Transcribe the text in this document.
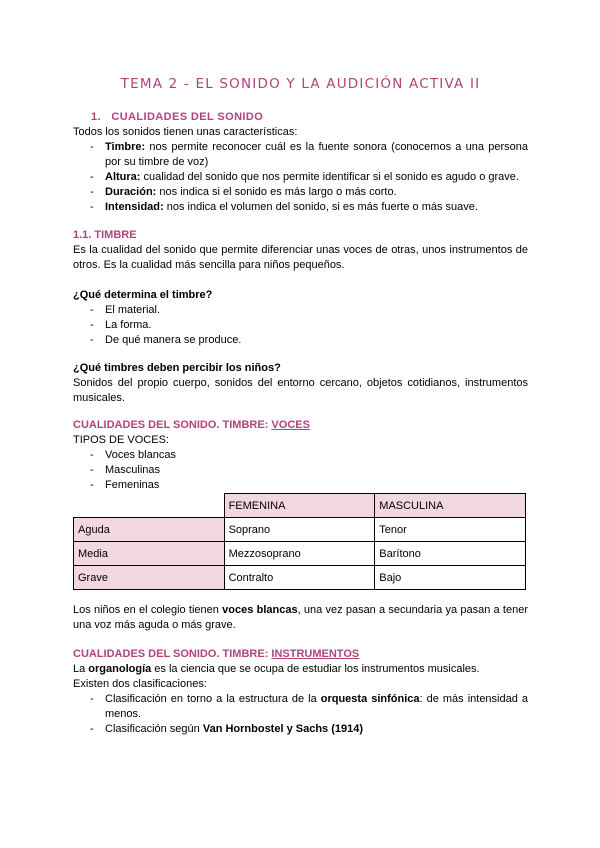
TEMA 2 - EL SONIDO Y LA AUDICIÓN ACTIVA II
1. CUALIDADES DEL SONIDO
Todos los sonidos tienen unas características:
- Timbre: nos permite reconocer cuál es la fuente sonora (conocemos a una persona por su timbre de voz)
- Altura: cualidad del sonido que nos permite identificar si el sonido es agudo o grave.
- Duración: nos indica si el sonido es más largo o más corto.
- Intensidad: nos indica el volumen del sonido, si es más fuerte o más suave.
1.1. TIMBRE
Es la cualidad del sonido que permite diferenciar unas voces de otras, unos instrumentos de otros. Es la cualidad más sencilla para niños pequeños.
¿Qué determina el timbre?
- El material.
- La forma.
- De qué manera se produce.
¿Qué timbres deben percibir los niños?
Sonidos del propio cuerpo, sonidos del entorno cercano, objetos cotidianos, instrumentos musicales.
CUALIDADES DEL SONIDO. TIMBRE: VOCES
TIPOS DE VOCES:
- Voces blancas
- Masculinas
- Femeninas
	FEMENINA	MASCULINA
Aguda	Soprano	Tenor
Media	Mezzosoprano	Barítono
Grave	Contralto	Bajo
Los niños en el colegio tienen voces blancas, una vez pasan a secundaria ya pasan a tener una voz más aguda o más grave.
CUALIDADES DEL SONIDO. TIMBRE: INSTRUMENTOS
La organología es la ciencia que se ocupa de estudiar los instrumentos musicales.
Existen dos clasificaciones:
- Clasificación en torno a la estructura de la orquesta sinfónica: de más intensidad a menos.
- Clasificación según Van Hornbostel y Sachs (1914)
